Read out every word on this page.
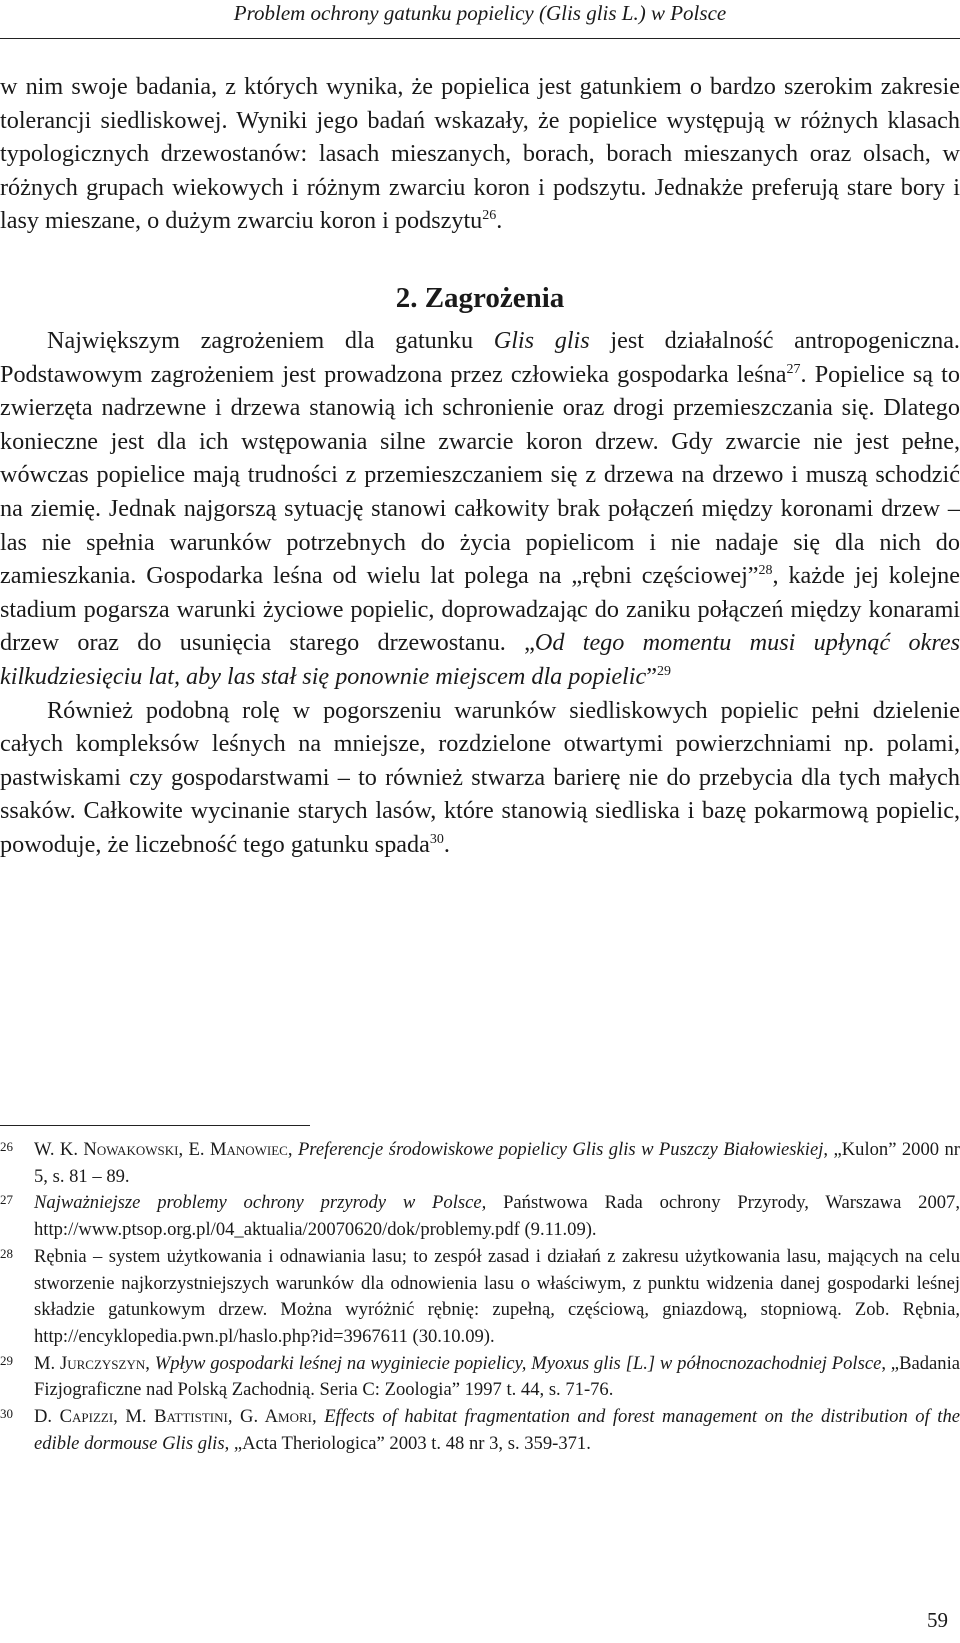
Problem ochrony gatunku popielicy (Glis glis L.) w Polsce

w nim swoje badania, z których wynika, że popielica jest gatunkiem o bardzo szerokim zakresie tolerancji siedliskowej. Wyniki jego badań wskazały, że popielice występują w różnych klasach typologicznych drzewostanów: lasach mieszanych, borach, borach mieszanych oraz olsach, w różnych grupach wiekowych i różnym zwarciu koron i podszytu. Jednakże preferują stare bory i lasy mieszane, o dużym zwarciu koron i podszytu$^{26}$.

2. Zagrożenia

Największym zagrożeniem dla gatunku Glis glis jest działalność antropogeniczna. Podstawowym zagrożeniem jest prowadzona przez człowieka gospodarka leśna$^{27}$. Popielice są to zwierzęta nadrzewne i drzewa stanowią ich schronienie oraz drogi przemieszczania się. Dlatego konieczne jest dla ich wstępowania silne zwarcie koron drzew. Gdy zwarcie nie jest pełne, wówczas popielice mają trudności z przemieszczaniem się z drzewa na drzewo i muszą schodzić na ziemię. Jednak najgorszą sytuację stanowi całkowity brak połączeń między koronami drzew – las nie spełnia warunków potrzebnych do życia popielicom i nie nadaje się dla nich do zamieszkania. Gospodarka leśna od wielu lat polega na „rębni częściowej”$^{28}$, każde jej kolejne stadium pogarsza warunki życiowe popielic, doprowadzając do zaniku połączeń między konarami drzew oraz do usunięcia starego drzewostanu. „Od tego momentu musi upłynąć okres kilkudziesięciu lat, aby las stał się ponownie miejscem dla popielic”$^{29}$

Również podobną rolę w pogorszeniu warunków siedliskowych popielic pełni dzielenie całych kompleksów leśnych na mniejsze, rozdzielone otwartymi powierzchniami np. polami, pastwiskami czy gospodarstwami – to również stwarza barierę nie do przebycia dla tych małych ssaków. Całkowite wycinanie starych lasów, które stanowią siedliska i bazę pokarmową popielic, powoduje, że liczebność tego gatunku spada$^{30}$.

26	W. K. Nowakowski, E. Manowiec, Preferencje środowiskowe popielicy Glis glis w Puszczy Białowieskiej, „Kulon” 2000 nr 5, s. 81 – 89.
27	Najważniejsze problemy ochrony przyrody w Polsce, Państwowa Rada ochrony Przyrody, Warszawa 2007, http://www.ptsop.org.pl/04_aktualia/20070620/dok/problemy.pdf (9.11.09).
28	Rębnia – system użytkowania i odnawiania lasu; to zespół zasad i działań z zakresu użytkowania lasu, mających na celu stworzenie najkorzystniejszych warunków dla odnowienia lasu o właściwym, z punktu widzenia danej gospodarki leśnej składzie gatunkowym drzew. Można wyróżnić rębnię: zupełną, częściową, gniazdową, stopniową. Zob. Rębnia, http://encyklopedia.pwn.pl/haslo.php?id=3967611 (30.10.09).
29	M. Jurczyszyn, Wpływ gospodarki leśnej na wyginiecie popielicy, Myoxus glis [L.] w północnozachodniej Polsce, „Badania Fizjograficzne nad Polską Zachodnią. Seria C: Zoologia” 1997 t. 44, s. 71-76.
30	D. Capizzi, M. Battistini, G. Amori, Effects of habitat fragmentation and forest management on the distribution of the edible dormouse Glis glis, „Acta Theriologica” 2003 t. 48 nr 3, s. 359-371.
59
